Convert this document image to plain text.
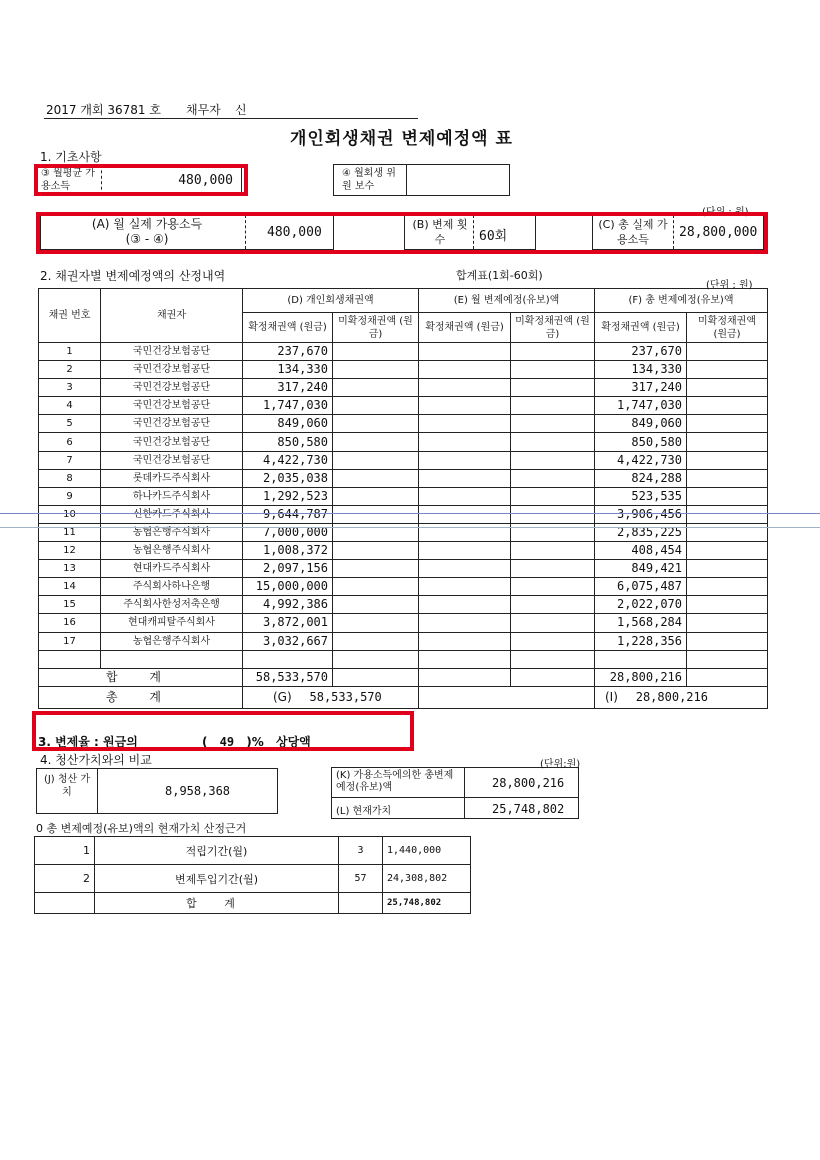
2017 개회 36781 호 채무자 신
개인회생채권 변제예정액 표
1. 기초사항
③ 월평균 가용소득	480,000	④ 월회생 위원 보수
(단위 : 원)
(A) 월 실제 가용소득
(③ - ④)	480,000
(B) 변제 횟수	60회
(C) 총 실제 가용소득	28,800,000
2. 채권자별 변제예정액의 산정내역	합계표(1회-60회)
(단위 : 원)
채권 번호	채권자	(D) 개인회생채권액		(E) 월 변제예정(유보)액		(F) 총 변제예정(유보)액	
		확정채권액 (원금)	미확정채권액 (원금)	확정채권액 (원금)	미확정채권액 (원금)	확정채권액 (원금)	미확정채권액 (원금)
1	국민건강보험공단	237,670				237,670	
2	국민건강보험공단	134,330				134,330	
3	국민건강보험공단	317,240				317,240	
4	국민건강보험공단	1,747,030				1,747,030	
5	국민건강보험공단	849,060				849,060	
6	국민건강보험공단	850,580				850,580	
7	국민건강보험공단	4,422,730				4,422,730	
8	롯데카드주식회사	2,035,038				824,288	
9	하나카드주식회사	1,292,523				523,535	
10	신한카드주식회사	9,644,787				3,906,456	
11	농협은행주식회사	7,000,000				2,835,225	
12	농협은행주식회사	1,008,372				408,454	
13	현대카드주식회사	2,097,156				849,421	
14	주식회사하나은행	15,000,000				6,075,487	
15	주식회사한성저축은행	4,992,386				2,022,070	
16	현대캐피탈주식회사	3,872,001				1,568,284	
17	농협은행주식회사	3,032,667				1,228,356	

합 계		58,533,570				28,800,216	
총 계		(G) 58,533,570				(I) 28,800,216	
3. 변제율 : 원금의	( 49 )% 상당액
4. 청산가치와의 비교	(단위:원)
(J) 청산 가치	8,958,368
(K) 가용소득에의한 총변제예정(유보)액	28,800,216
(L) 현재가치	25,748,802
0 총 변제예정(유보)액의 현재가치 산정근거
1	적립기간(월)	3	1,440,000
2	변제투입기간(월)	57	24,308,802
	합 계		25,748,802
